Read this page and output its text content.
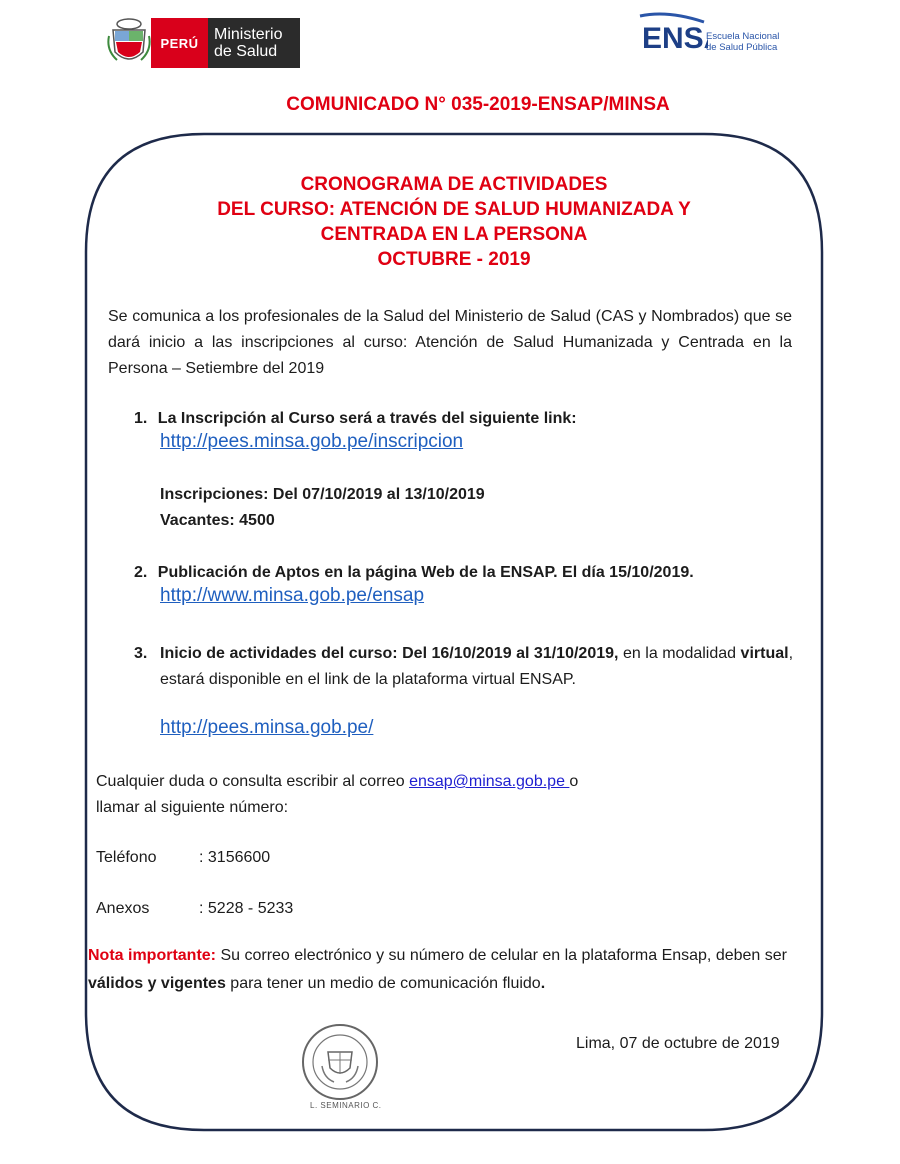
PERÚ Ministerio
de Salud	ENS Escuela Nacional
de Salud Pública
COMUNICADO N° 035-2019-ENSAP/MINSA
CRONOGRAMA DE ACTIVIDADES
DEL CURSO: ATENCIÓN DE SALUD HUMANIZADA Y
CENTRADA EN LA PERSONA
OCTUBRE - 2019
Se comunica a los profesionales de la Salud del Ministerio de Salud (CAS y Nombrados) que se dará inicio a las inscripciones al curso: Atención de Salud Humanizada y Centrada en la Persona – Setiembre del 2019
1. La Inscripción al Curso será a través del siguiente link:
http://pees.minsa.gob.pe/inscripcion
Inscripciones: Del 07/10/2019 al 13/10/2019
Vacantes: 4500
2. Publicación de Aptos en la página Web de la ENSAP. El día 15/10/2019.
http://www.minsa.gob.pe/ensap
3. Inicio de actividades del curso: Del 16/10/2019 al 31/10/2019, en la modalidad virtual, estará disponible en el link de la plataforma virtual ENSAP.
http://pees.minsa.gob.pe/
Cualquier duda o consulta escribir al correo ensap@minsa.gob.pe o
llamar al siguiente número:
Teléfono	: 3156600
Anexos	: 5228 - 5233
Nota importante: Su correo electrónico y su número de celular en la plataforma Ensap, deben ser válidos y vigentes para tener un medio de comunicación fluido.
Lima, 07 de octubre de 2019
L. SEMINARIO C.
